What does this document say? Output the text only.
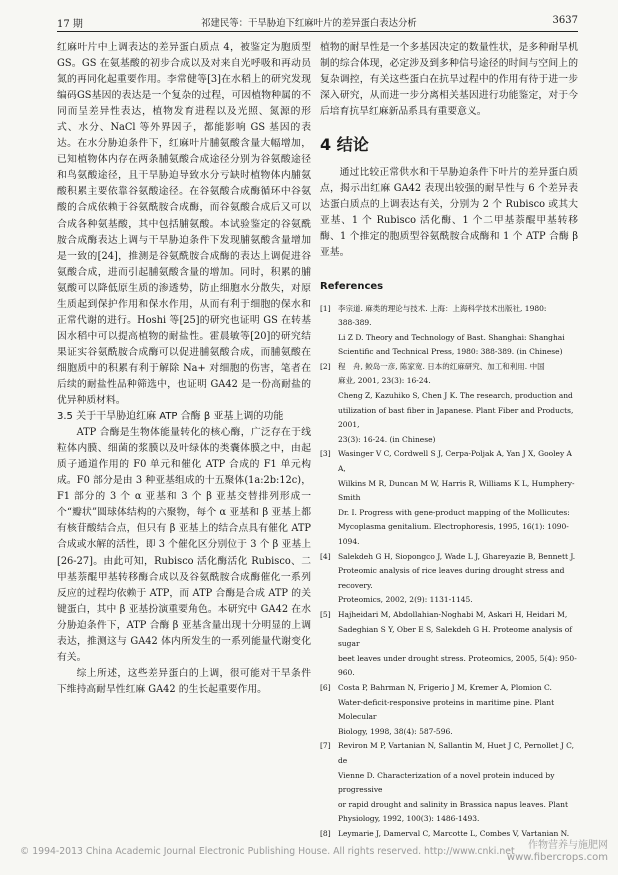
17 期	祁建民等：干旱胁迫下红麻叶片的差异蛋白表达分析	3637

红麻叶片中上调表达的差异蛋白质点 4，被鉴定为胞质型 GS。GS 在氨基酸的初步合成以及对来自光呼吸和再动员氮的再同化起重要作用。李常健等[3]在水稻上的研究发现编码GS基因的表达是一个复杂的过程，可因植物种属的不同而呈差异性表达，植物发育进程以及光照、氮源的形式、水分、NaCl 等外界因子，都能影响 GS 基因的表达。在水分胁迫条件下，红麻叶片脯氨酸含量大幅增加，已知植物体内存在两条脯氨酸合成途径分别为谷氨酸途径和鸟氨酸途径，且干旱胁迫导致水分亏缺时植物体内脯氨酸积累主要依靠谷氨酸途径。在谷氨酸合成酶循环中谷氨酸的合成依赖于谷氨酰胺合成酶，而谷氨酸合成后又可以合成各种氨基酸，其中包括脯氨酸。本试验鉴定的谷氨酰胺合成酶表达上调与干旱胁迫条件下发现脯氨酸含量增加是一致的[24]，推测是谷氨酰胺合成酶的表达上调促进谷氨酸合成，进而引起脯氨酸含量的增加。同时，积累的脯氨酸可以降低原生质的渗透势，防止细胞水分散失，对原生质起到保护作用和保水作用，从而有利于细胞的保水和正常代谢的进行。Hoshi 等[25]的研究也证明 GS 在转基因水稻中可以提高植物的耐盐性。霍晨敏等[20]的研究结果证实谷氨酰胺合成酶可以促进脯氨酸合成，而脯氨酸在细胞质中的积累有利于解除 Na+ 对细胞的伤害，笔者在后续的耐盐性品种筛选中，也证明 GA42 是一份高耐盐的优异种质材料。

3.5 关于干旱胁迫红麻 ATP 合酶 β 亚基上调的功能

ATP 合酶是生物体能量转化的核心酶，广泛存在于线粒体内膜、细菌的浆膜以及叶绿体的类囊体膜之中，由起质子通道作用的 F0 单元和催化 ATP 合成的 F1 单元构成。F0 部分是由 3 种亚基组成的十五聚体(1a:2b:12c)，F1 部分的 3 个 α 亚基和 3 个 β 亚基交替排列形成一个“瓣状”圆球体结构的六聚物，每个 α 亚基和 β 亚基上都有核苷酸结合点，但只有 β 亚基上的结合点具有催化 ATP 合成或水解的活性，即 3 个催化区分别位于 3 个 β 亚基上[26-27]。由此可知，Rubisco 活化酶活化 Rubisco、二甲基萘醌甲基转移酶合成以及谷氨酰胺合成酶催化一系列反应的过程均依赖于 ATP，而 ATP 合酶是合成 ATP 的关键蛋白，其中 β 亚基扮演重要角色。本研究中 GA42 在水分胁迫条件下，ATP 合酶 β 亚基含量出现十分明显的上调表达，推测这与 GA42 体内所发生的一系列能量代谢变化有关。

综上所述，这些差异蛋白的上调，很可能对干旱条件下维持高耐旱性红麻 GA42 的生长起重要作用。

植物的耐旱性是一个多基因决定的数量性状，是多种耐旱机制的综合体现，必定涉及到多种信号途径的时间与空间上的复杂调控，有关这些蛋白在抗旱过程中的作用有待于进一步深入研究，从而进一步分离相关基因进行功能鉴定，对于今后培育抗旱红麻新品系具有重要意义。

4 结论

通过比较正常供水和干旱胁迫条件下叶片的差异蛋白质点，揭示出红麻 GA42 表现出较强的耐旱性与 6 个差异表达蛋白质点的上调表达有关，分别为 2 个 Rubisco 或其大亚基、1 个 Rubisco 活化酶、1 个二甲基萘醌甲基转移酶、1 个推定的胞质型谷氨酰胺合成酶和 1 个 ATP 合酶 β 亚基。

References
[1] 李宗道. 麻类的理论与技术. 上海：上海科学技术出版社, 1980:
388-389.
Li Z D. Theory and Technology of Bast. Shanghai: Shanghai
Scientific and Technical Press, 1980: 388-389. (in Chinese)
[2] 程　舟, 鲛岛一彦, 陈家宽. 日本的红麻研究、加工和利用. 中国
麻业, 2001, 23(3): 16-24.
Cheng Z, Kazuhiko S, Chen J K. The research, production and
utilization of bast fiber in Japanese. Plant Fiber and Products, 2001,
23(3): 16-24. (in Chinese)
[3] Wasinger V C, Cordwell S J, Cerpa-Poljak A, Yan J X, Gooley A A,
Wilkins M R, Duncan M W, Harris R, Williams K L, Humphery-Smith
Dr. I. Progress with gene-product mapping of the Mollicutes:
Mycoplasma genitalium. Electrophoresis, 1995, 16(1): 1090-1094.
[4] Salekdeh G H, Siopongco J, Wade L J, Ghareyazie B, Bennett J.
Proteomic analysis of rice leaves during drought stress and recovery.
Proteomics, 2002, 2(9): 1131-1145.
[5] Hajheidari M, Abdollahian-Noghabi M, Askari H, Heidari M,
Sadeghian S Y, Ober E S, Salekdeh G H. Proteome analysis of sugar
beet leaves under drought stress. Proteomics, 2005, 5(4): 950-960.
[6] Costa P, Bahrman N, Frigerio J M, Kremer A, Plomion C.
Water-deficit-responsive proteins in maritime pine. Plant Molecular
Biology, 1998, 38(4): 587-596.
[7] Reviron M P, Vartanian N, Sallantin M, Huet J C, Pernollet J C, de
Vienne D. Characterization of a novel protein induced by progressive
or rapid drought and salinity in Brassica napus leaves. Plant
Physiology, 1992, 100(3): 1486-1493.
[8] Leymarie J, Damerval C, Marcotte L, Combes V, Vartanian N.
© 1994-2013 China Academic Journal Electronic Publishing House. All rights reserved. http://www.cnki.net
作物营养与施肥网
www.fibercrops.com
